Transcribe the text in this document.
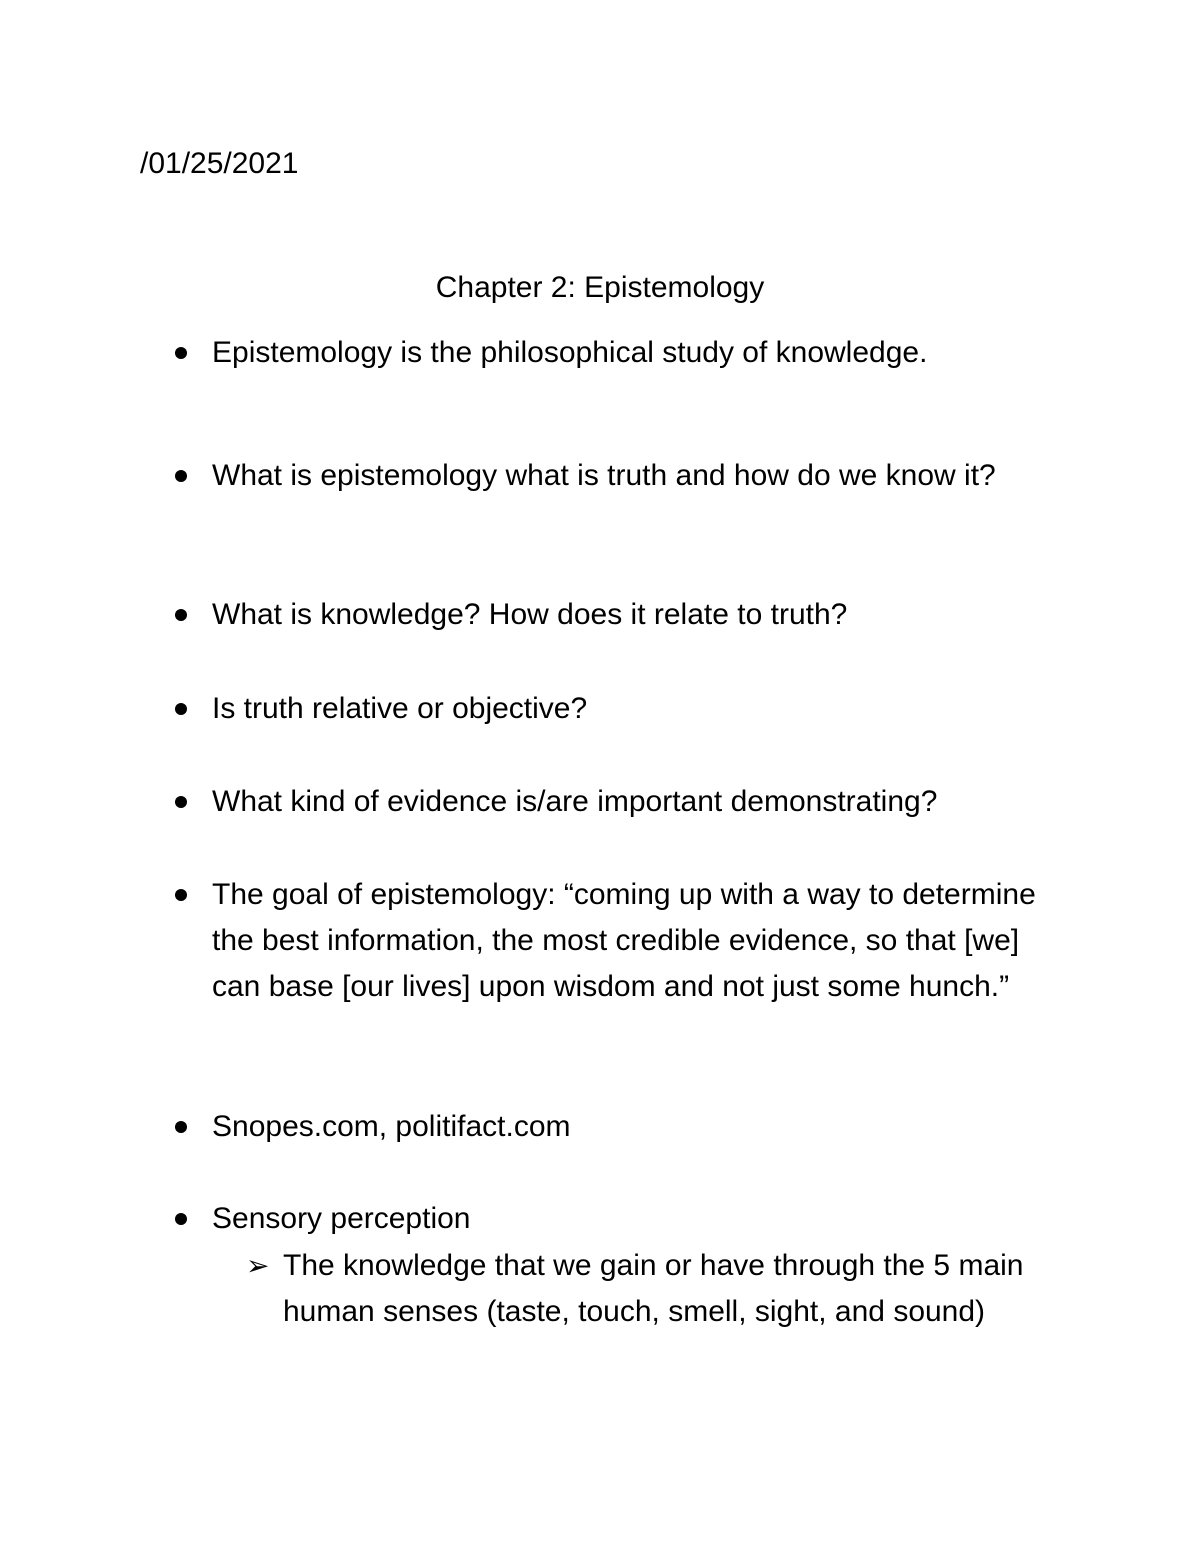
/01/25/2021
Chapter 2: Epistemology
Epistemology is the philosophical study of knowledge.
What is epistemology what is truth and how do we know it?
What is knowledge? How does it relate to truth?
Is truth relative or objective?
What kind of evidence is/are important demonstrating?
The goal of epistemology: “coming up with a way to determine the best information, the most credible evidence, so that [we] can base [our lives] upon wisdom and not just some hunch.”
Snopes.com, politifact.com
Sensory perception
➢ The knowledge that we gain or have through the 5 main human senses (taste, touch, smell, sight, and sound)
